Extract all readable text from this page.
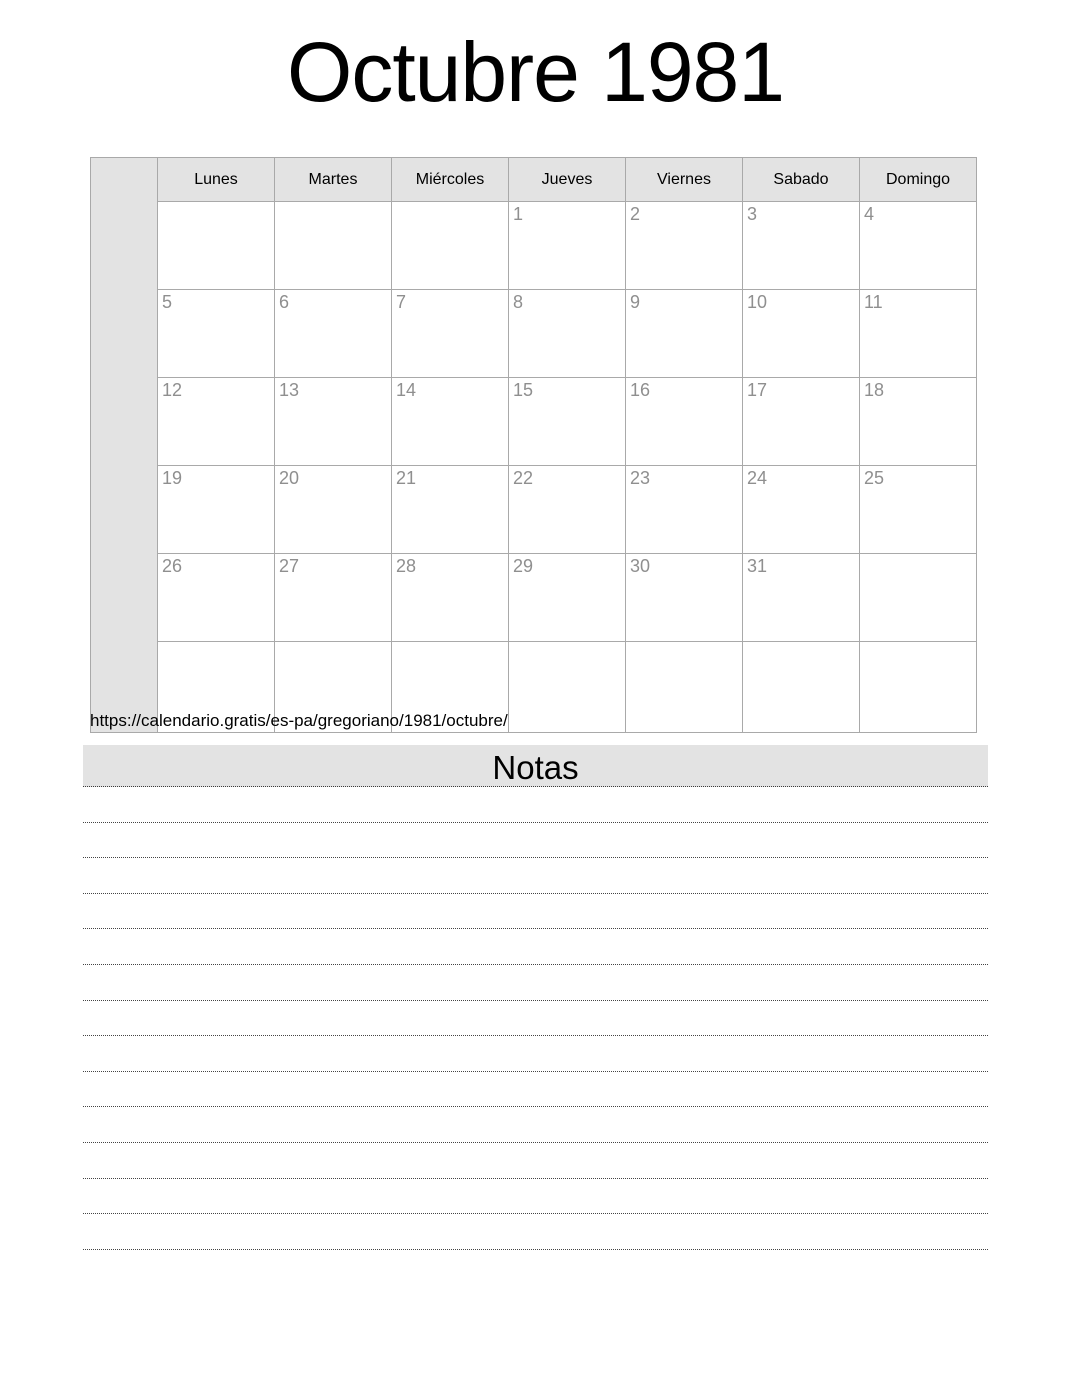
Octubre 1981
	Lunes	Martes	Miércoles	Jueves	Viernes	Sabado	Domingo
				1	2	3	4
	5	6	7	8	9	10	11
	12	13	14	15	16	17	18
	19	20	21	22	23	24	25
	26	27	28	29	30	31	

https://calendario.gratis/es-pa/gregoriano/1981/octubre/
Notas
